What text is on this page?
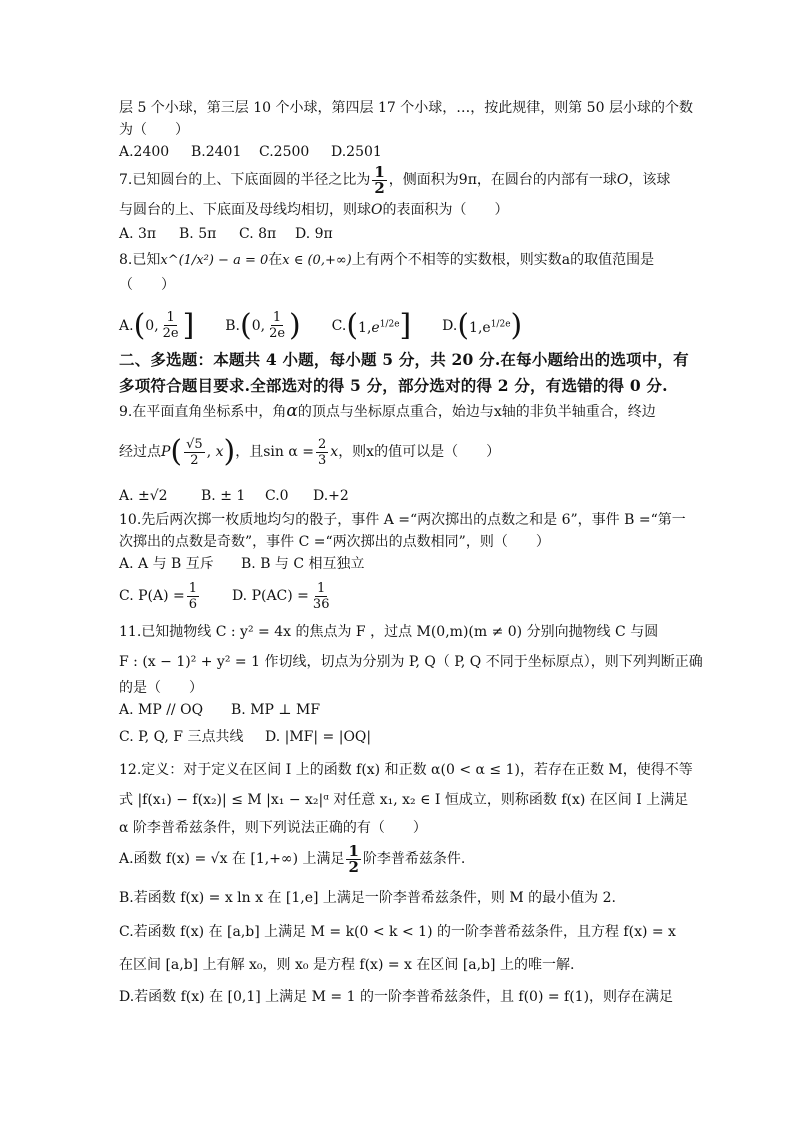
层 5 个小球，第三层 10 个小球，第四层 17 个小球，…，按此规律，则第 50 层小球的个数
为（　　）
A.2400 B.2401 C.2500 D.2501
7.已知圆台的上、下底面圆的半径之比为 $\frac{1}{2}$ ，侧面积为9π，在圆台的内部有一球O，该球
与圆台的上、下底面及母线均相切，则球O的表面积为（　　）
A. 3π B. 5π C. 8π D. 9π
8.已知x^(1/x²) − a = 0在x ∈ (0,+∞)上有两个不相等的实数根，则实数a的取值范围是
（　　）
A.(0, $\frac{1}{2e}$ ] B.(0, $\frac{1}{2e}$ ) $C.(1,e^{1/2e}]$ $D.(1,e^{1/2e})$
二、多选题：本题共 4 小题，每小题 5 分，共 20 分.在每小题给出的选项中，有
多项符合题目要求.全部选对的得 5 分，部分选对的得 2 分，有选错的得 0 分.
9.在平面直角坐标系中，角α的顶点与坐标原点重合，始边与x轴的非负半轴重合，终边
经过点$P( \frac{√5}{2}$ , x)，且$\sin \alpha = \frac{2}{3}$ x，则x的值可以是（　　）
A. ±√2 B. ± 1 C.0 D.+2
10.先后两次掷一枚质地均匀的骰子，事件 A =“两次掷出的点数之和是 6”，事件 B =“第一
次掷出的点数是奇数”，事件 C =“两次掷出的点数相同”，则（　　）
A. A 与 B 互斥 B. B 与 C 相互独立
C. $P(A) = \frac{1}{6} D$. $P(AC) = \frac{1}{36}$
11.已知抛物线 C : y² = 4x 的焦点为 F ，过点 M(0,m)(m ≠ 0) 分别向抛物线 C 与圆
F : (x − 1)² + y² = 1 作切线，切点为分别为 P, Q（ P, Q 不同于坐标原点），则下列判断正确
的是（　　）
A. MP // OQ B. MP ⊥ MF
C. P, Q, F 三点共线 D. |MF| = |OQ|
12.定义：对于定义在区间 I 上的函数 f(x) 和正数 α(0 < α ≤ 1)，若存在正数 M，使得不等
式 |f(x₁) − f(x₂)| ≤ M |x₁ − x₂|ᵅ 对任意 x₁, x₂ ∈ I 恒成立，则称函数 f(x) 在区间 I 上满足
α 阶李普希兹条件，则下列说法正确的有（　　）
A.函数 f(x) = √x 在 [1,+∞) 上满足 $\frac{1}{2}$ 阶李普希兹条件.
B.若函数 f(x) = x ln x 在 [1,e] 上满足一阶李普希兹条件，则 M 的最小值为 2.
C.若函数 f(x) 在 [a,b] 上满足 M = k(0 < k < 1) 的一阶李普希兹条件，且方程 f(x) = x
在区间 [a,b] 上有解 x₀，则 x₀ 是方程 f(x) = x 在区间 [a,b] 上的唯一解.
D.若函数 f(x) 在 [0,1] 上满足 M = 1 的一阶李普希兹条件，且 f(0) = f(1)，则存在满足
